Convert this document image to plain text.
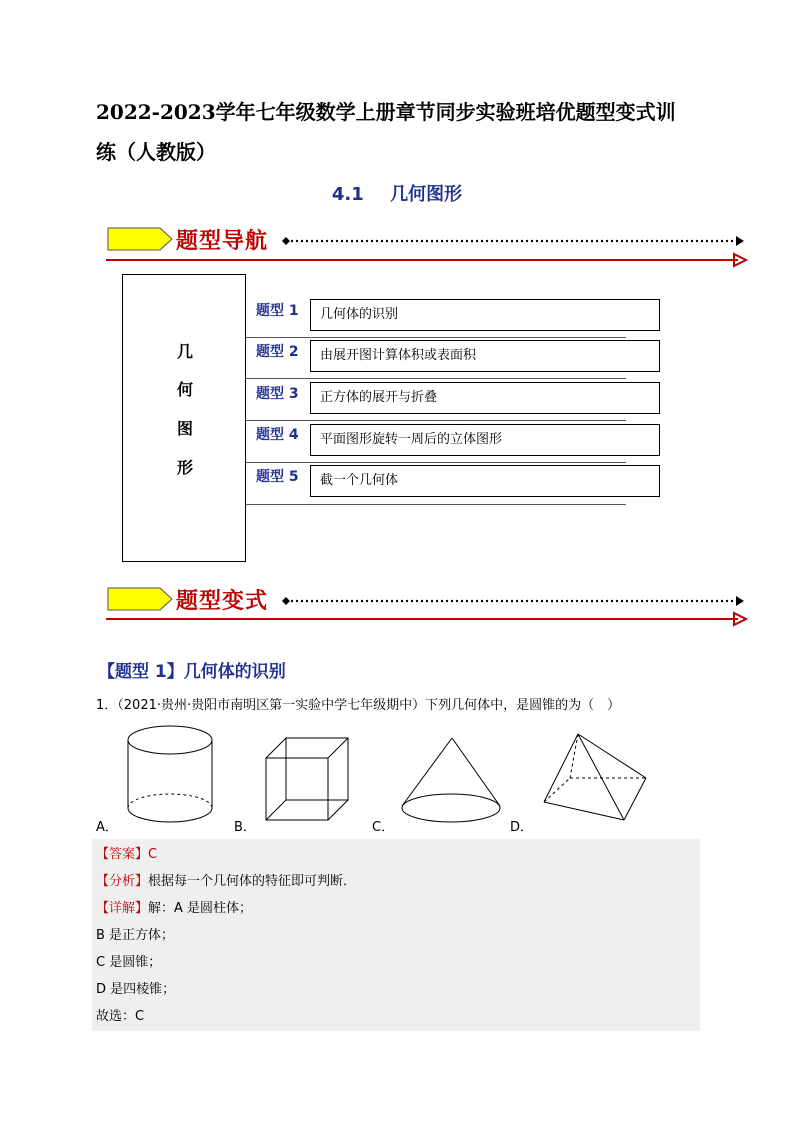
2022-2023学年七年级数学上册章节同步实验班培优题型变式训
练（人教版）
4.1 几何图形
题型导航
几
何
图
形
题型 1	几何体的识别
题型 2	由展开图计算体积或表面积
题型 3	正方体的展开与折叠
题型 4	平面图形旋转一周后的立体图形
题型 5	截一个几何体
题型变式
【题型 1】几何体的识别
1．（2021·贵州·贵阳市南明区第一实验中学七年级期中）下列几何体中，是圆锥的为（　）
A．	B．	C．	D．
【答案】C
【分析】根据每一个几何体的特征即可判断．
【详解】解：A 是圆柱体；
B 是正方体；
C 是圆锥；
D 是四棱锥；
故选：C
